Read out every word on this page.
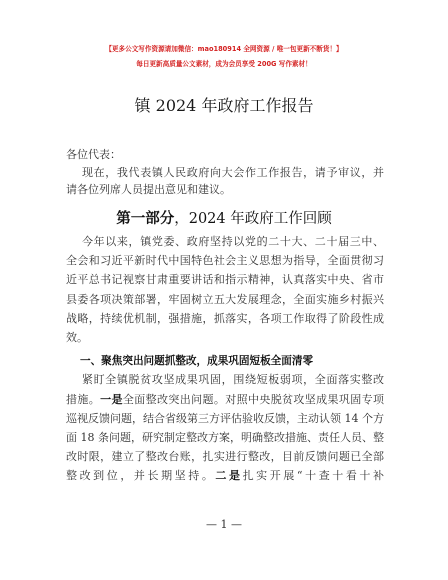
【更多公文写作资源请加微信：mao180914 全网资源 / 唯一包更新不断货！】
每日更新高质量公文素材，成为会员享受 200G 写作素材！
镇 2024 年政府工作报告
各位代表：
现在，我代表镇人民政府向大会作工作报告，请予审议，并
请各位列席人员提出意见和建议。
第一部分，2024 年政府工作回顾
今年以来，镇党委、政府坚持以党的二十大、二十届三中、
全会和习近平新时代中国特色社会主义思想为指导，全面贯彻习
近平总书记视察甘肃重要讲话和指示精神，认真落实中央、省市
县委各项决策部署，牢固树立五大发展理念，全面实施乡村振兴
战略，持续优机制，强措施，抓落实，各项工作取得了阶段性成
效。
一、聚焦突出问题抓整改，成果巩固短板全面清零
紧盯全镇脱贫攻坚成果巩固，围绕短板弱项，全面落实整改
措施。一是全面整改突出问题。对照中央脱贫攻坚成果巩固专项
巡视反馈问题，结合省级第三方评估验收反馈，主动认领 14 个方
面 18 条问题，研究制定整改方案，明确整改措施、责任人员、整
改时限，建立了整改台账，扎实进行整改，目前反馈问题已全部
整改到位，并长期坚持。二是扎实开展“十查十看十补
— 1 —
